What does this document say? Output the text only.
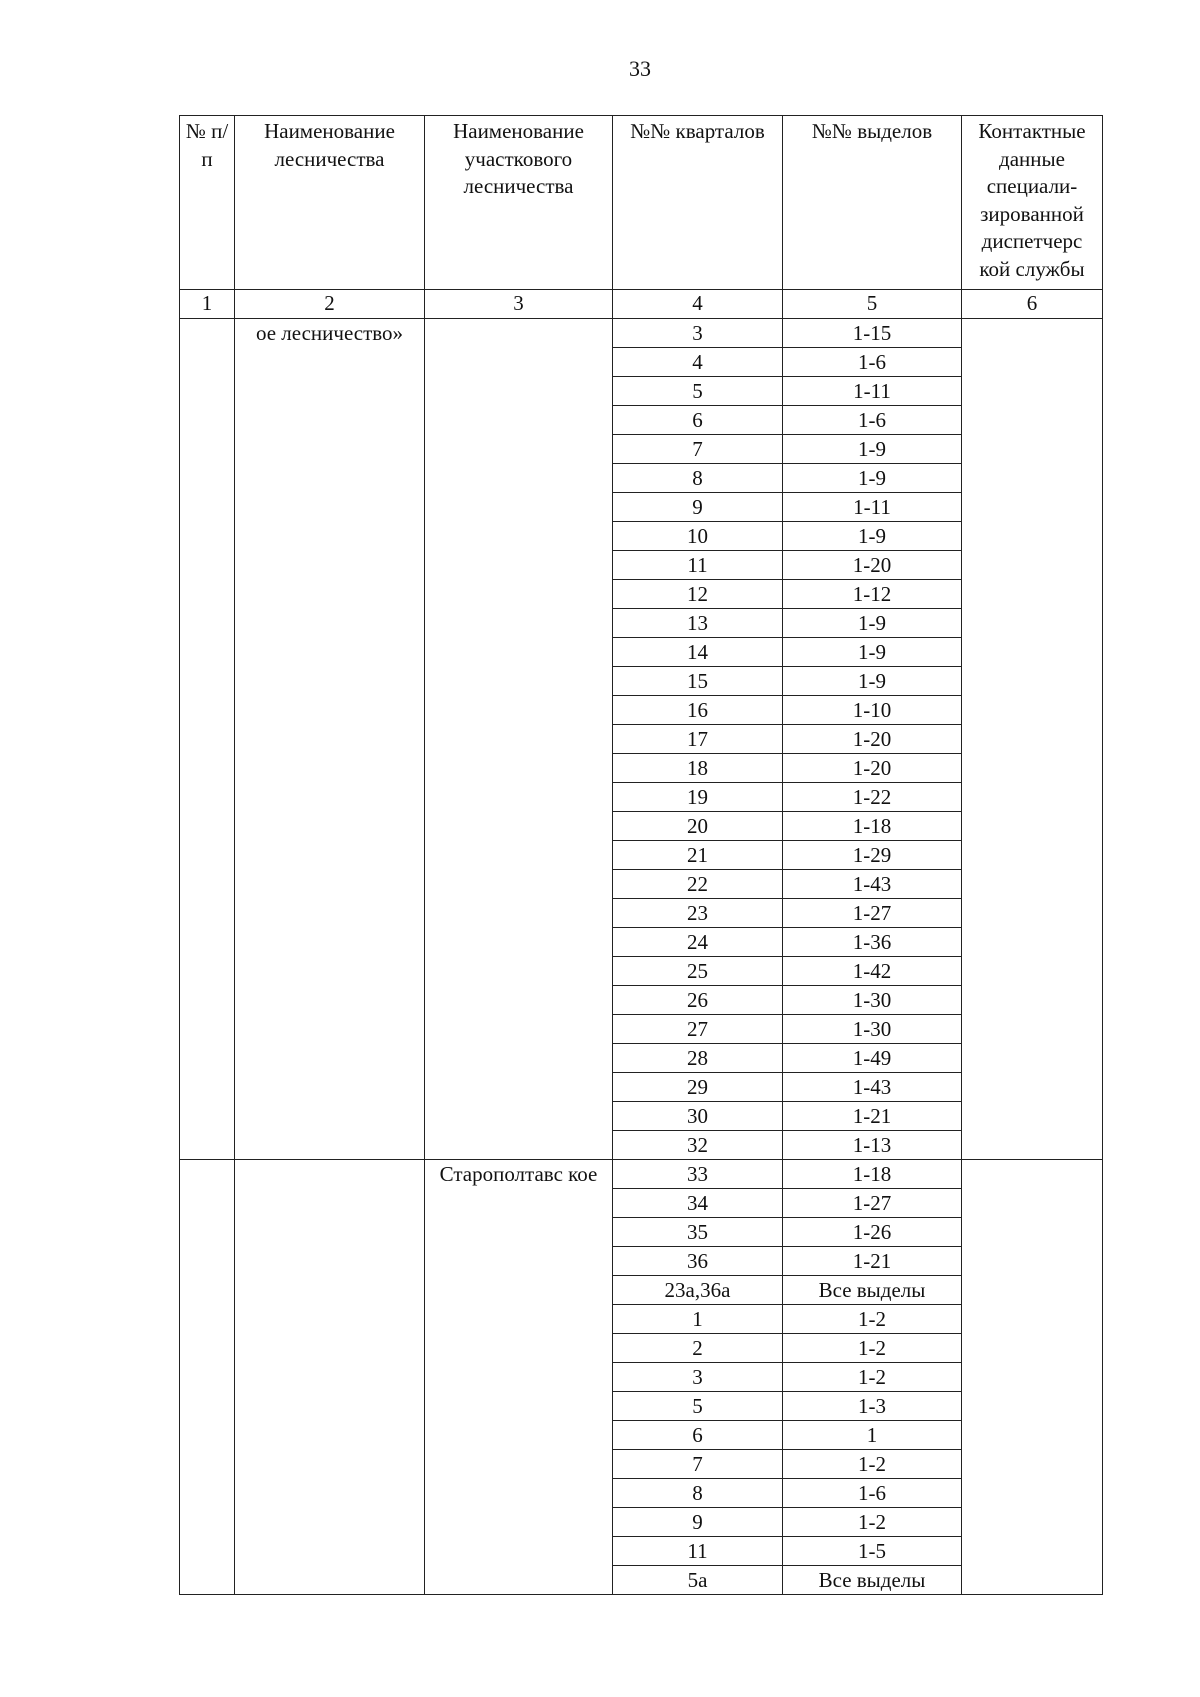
33
№ п/п	Наименование лесничества	Наименование участкового лесничества	№№ кварталов	№№ выделов	Контактные данные специали-зированной диспетчерс кой службы
1	2	3	4	5	6
	ое лесничество»		3	1-15	
			4	1-6	
			5	1-11	
			6	1-6	
			7	1-9	
			8	1-9	
			9	1-11	
			10	1-9	
			11	1-20	
			12	1-12	
			13	1-9	
			14	1-9	
			15	1-9	
			16	1-10	
			17	1-20	
			18	1-20	
			19	1-22	
			20	1-18	
			21	1-29	
			22	1-43	
			23	1-27	
			24	1-36	
			25	1-42	
			26	1-30	
			27	1-30	
			28	1-49	
			29	1-43	
			30	1-21	
			32	1-13	
		Старополтавс кое	33	1-18	
			34	1-27	
			35	1-26	
			36	1-21	
			23а,36а	Все выделы	
			1	1-2	
			2	1-2	
			3	1-2	
			5	1-3	
			6	1	
			7	1-2	
			8	1-6	
			9	1-2	
			11	1-5	
			5а	Все выделы	
